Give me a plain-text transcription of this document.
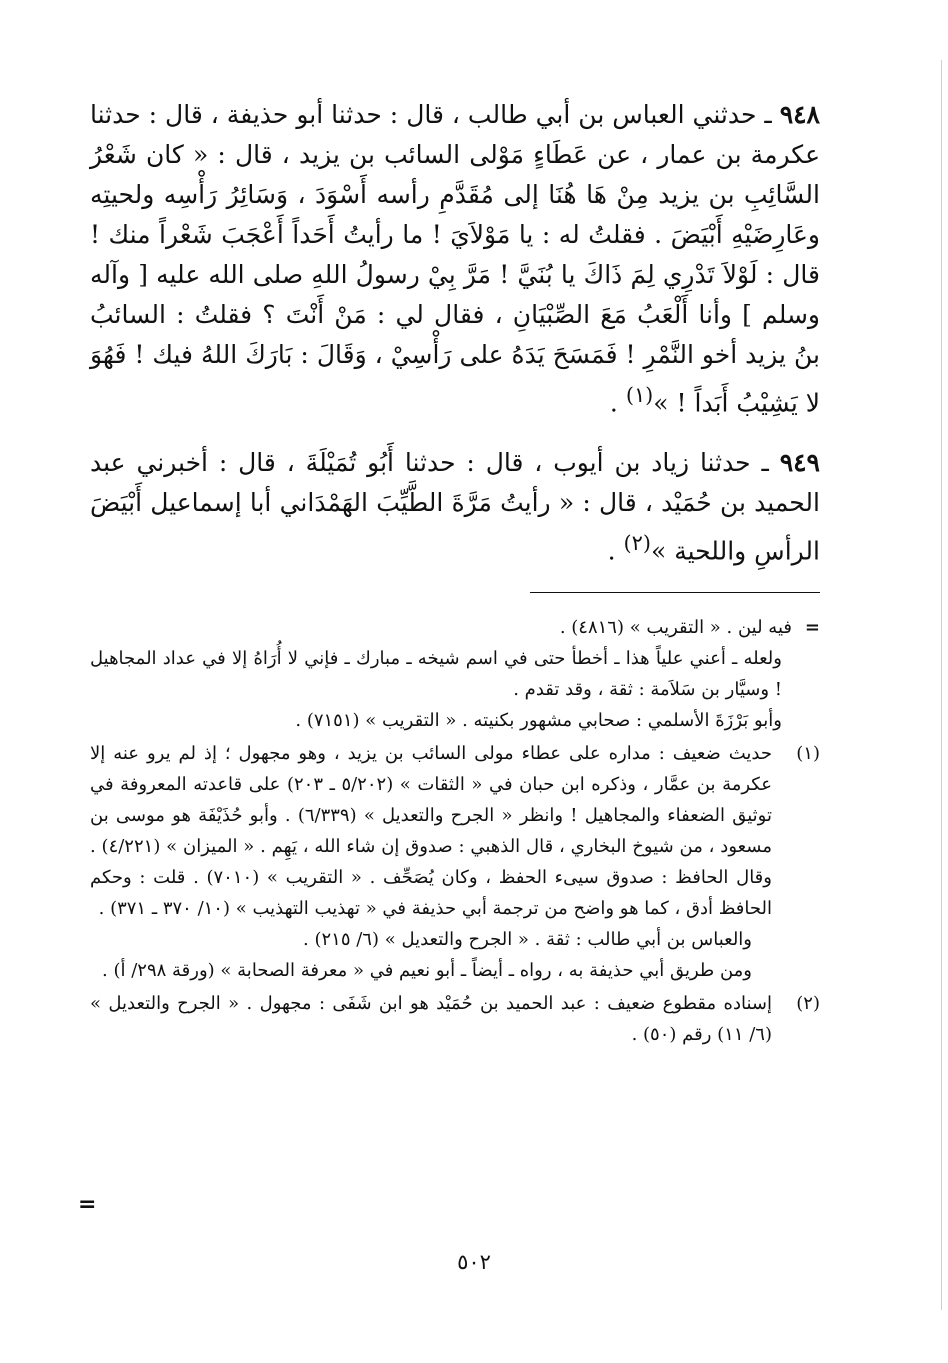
٩٤٨ ـ حدثني العباس بن أبي طالب ، قال : حدثنا أبو حذيفة ، قال : حدثنا عكرمة بن عمار ، عن عَطَاءٍ مَوْلى السائب بن يزيد ، قال : « كان شَعْرُ السَّائِبِ بن يزيد مِنْ هَا هُنَا إلى مُقَدَّمِ رأسه أَسْوَدَ ، وَسَائِرُ رَأْسِه ولحيتِه وعَارِضَيْهِ أَبْيَضَ . فقلتُ له : يا مَوْلاَيَ ! ما رأيتُ أَحَداً أَعْجَبَ شَعْراً منك ! قال : لَوْلاَ تَدْرِي لِمَ ذَاكَ يا بُنَيَّ ! مَرَّ بِيْ رسولُ اللهِ صلى الله عليه [ وآله وسلم ] وأنا أَلْعَبُ مَعَ الصِّبْيَانِ ، فقال لي : مَنْ أَنْتَ ؟ فقلتُ : السائبُ بنُ يزيد أخو النَّمْرِ ! فَمَسَحَ يَدَهُ على رَأْسِيْ ، وَقَالَ : بَارَكَ اللهُ فيك ! فَهُوَ لا يَشِيْبُ أَبَداً ! »$^{(١)}$ .

٩٤٩ ـ حدثنا زياد بن أيوب ، قال : حدثنا أَبُو تُمَيْلَةَ ، قال : أخبرني عبد الحميد بن حُمَيْد ، قال : « رأيتُ مَرَّةَ الطَّيِّبَ الهَمْدَاني أبا إسماعيل أَبْيَضَ الرأسِ واللحية »$^{(٢)}$ .

=

فيه لين . « التقريب » (٤٨١٦) .

ولعله ـ أعني علياً هذا ـ أخطأ حتى في اسم شيخه ـ مبارك ـ فإني لا أُرَاهُ إلا في عداد المجاهيل ! وسيَّار بن سَلاَمة : ثقة ، وقد تقدم .

وأبو بَرْزَةَ الأسلمي : صحابي مشهور بكنيته . « التقريب » (٧١٥١) .

(١)

حديث ضعيف : مداره على عطاء مولى السائب بن يزيد ، وهو مجهول ؛ إذ لم يرو عنه إلا عكرمة بن عمَّار ، وذكره ابن حبان في « الثقات » (٥/٢٠٢ ـ ٢٠٣) على قاعدته المعروفة في توثيق الضعفاء والمجاهيل ! وانظر « الجرح والتعديل » (٦/٣٣٩) . وأبو حُذَيْفَة هو موسى بن مسعود ، من شيوخ البخاري ، قال الذهبي : صدوق إن شاء الله ، يَهِم . « الميزان » (٤/٢٢١) . وقال الحافظ : صدوق سيىء الحفظ ، وكان يُصَحِّف . « التقريب » (٧٠١٠) . قلت : وحكم الحافظ أدق ، كما هو واضح من ترجمة أبي حذيفة في « تهذيب التهذيب » (١٠/ ٣٧٠ ـ ٣٧١) .

والعباس بن أبي طالب : ثقة . « الجرح والتعديل » (٦/ ٢١٥) .

ومن طريق أبي حذيفة به ، رواه ـ أيضاً ـ أبو نعيم في « معرفة الصحابة » (ورقة ٢٩٨/ أ) .

(٢)

إسناده مقطوع ضعيف : عبد الحميد بن حُمَيْد هو ابن شَفَى : مجهول . « الجرح والتعديل » (٦/ ١١) رقم (٥٠) .

=
٥٠٢
